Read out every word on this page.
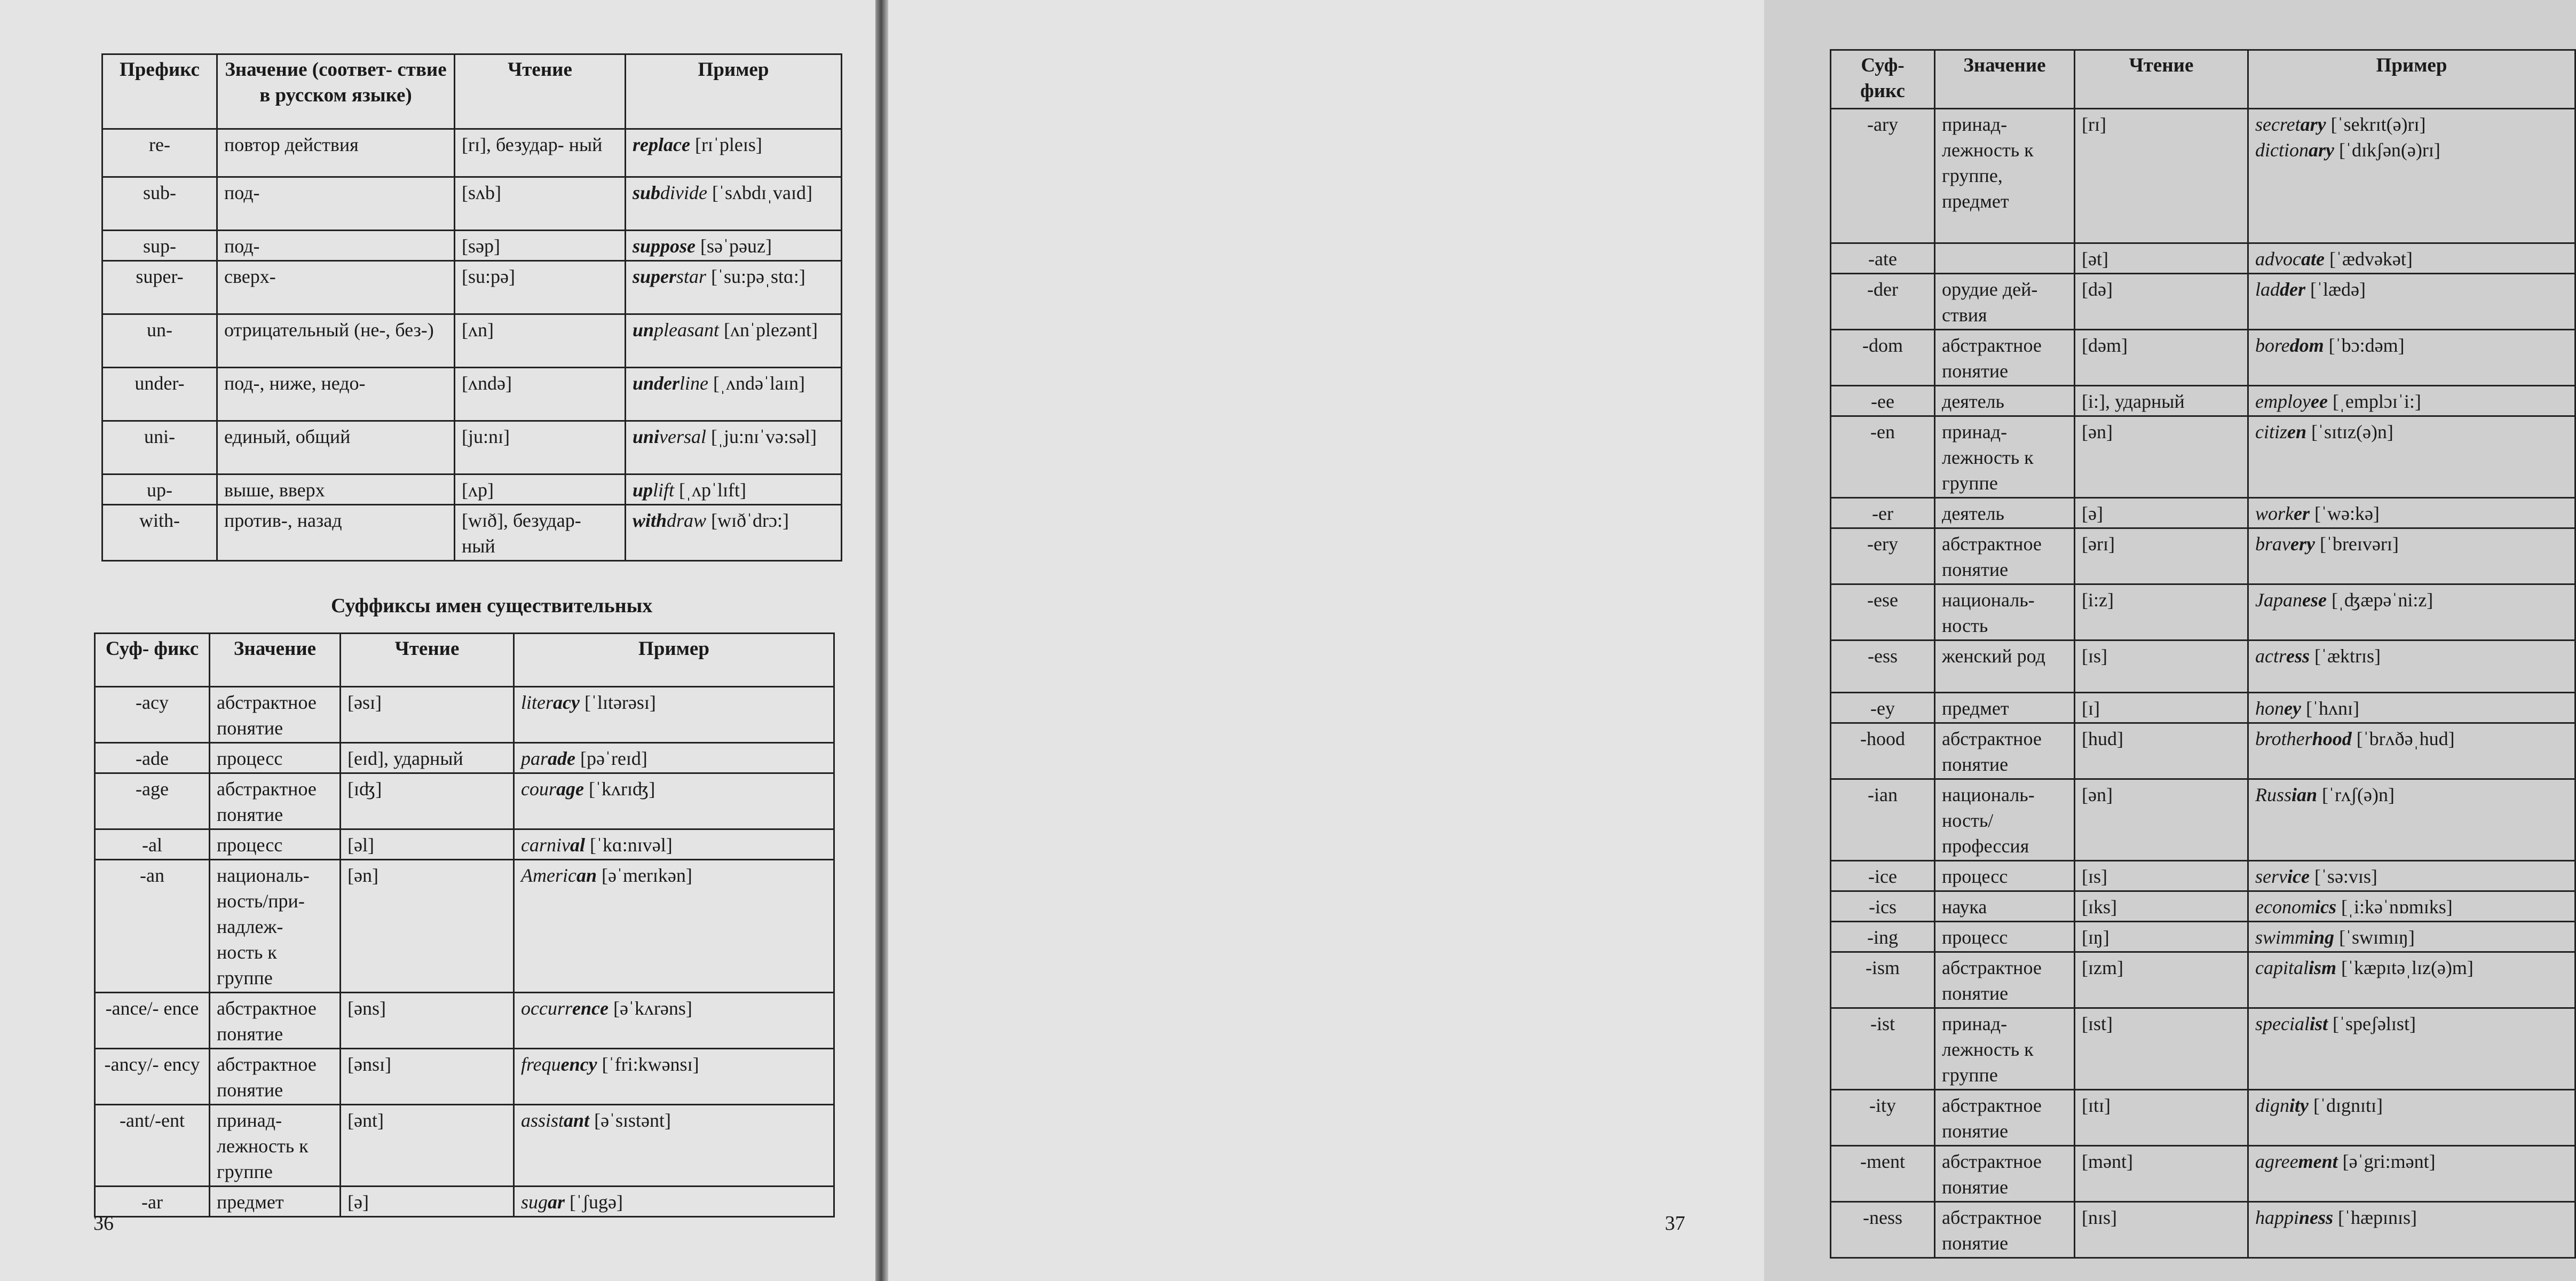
Префикс	Значение (соответ- ствие в русском языке)	Чтение	Пример
re-	повтор действия	[rɪ], безудар- ный	replace [rɪˈpleɪs]
sub-	под-	[sʌb]	subdivide [ˈsʌbdɪˌvaɪd]
sup-	под-	[səp]	suppose [səˈpəuz]
super-	сверх-	[su:pə]	superstar [ˈsu:pəˌstɑ:]
un-	отрицательный (не-, без-)	[ʌn]	unpleasant [ʌnˈplezənt]
under-	под-, ниже, недо-	[ʌndə]	underline [ˌʌndəˈlaɪn]
uni-	единый, общий	[ju:nɪ]	universal [ˌju:nɪˈvə:səl]
up-	выше, вверх	[ʌp]	uplift [ˌʌpˈlɪft]
with-	против-, назад	[wɪð], безудар- ный	withdraw [wɪðˈdrɔ:]
Суффиксы имен существительных
Суф- фикс	Значение	Чтение	Пример
-acy	абстрактное понятие	[əsɪ]	literacy [ˈlɪtərəsɪ]
-ade	процесс	[eɪd], ударный	parade [pəˈreɪd]
-age	абстрактное понятие	[ɪʤ]	courage [ˈkʌrɪʤ]
-al	процесс	[əl]	carnival [ˈkɑ:nɪvəl]
-an	националь- ность/при- надлеж- ность к группе	[ən]	American [əˈmerɪkən]
-ance/- ence	абстрактное понятие	[əns]	occurrence [əˈkʌrəns]
-ancy/- ency	абстрактное понятие	[ənsɪ]	frequency [ˈfri:kwənsɪ]
-ant/-ent	принад- лежность к группе	[ənt]	assistant [əˈsɪstənt]
-ar	предмет	[ə]	sugar [ˈʃugə]
36
Суф- фикс	Значение	Чтение	Пример
-ary	принад- лежность к группе, предмет	[rɪ]	secretary [ˈsekrɪt(ə)rɪ]
dictionary [ˈdɪkʃən(ə)rɪ]
-ate		[ət]	advocate [ˈædvəkət]
-der	орудие дей- ствия	[də]	ladder [ˈlædə]
-dom	абстрактное понятие	[dəm]	boredom [ˈbɔ:dəm]
-ee	деятель	[i:], ударный	employee [ˌemplɔɪˈi:]
-en	принад- лежность к группе	[ən]	citizen [ˈsɪtɪz(ə)n]
-er	деятель	[ə]	worker [ˈwə:kə]
-ery	абстрактное понятие	[ərɪ]	bravery [ˈbreɪvərɪ]
-ese	националь- ность	[i:z]	Japanese [ˌʤæpəˈni:z]
-ess	женский род	[ɪs]	actress [ˈæktrɪs]
-ey	предмет	[ɪ]	honey [ˈhʌnɪ]
-hood	абстрактное понятие	[hud]	brotherhood [ˈbrʌðəˌhud]
-ian	националь- ность/ профессия	[ən]	Russian [ˈrʌʃ(ə)n]
-ice	процесс	[ɪs]	service [ˈsə:vɪs]
-ics	наука	[ɪks]	economics [ˌi:kəˈnɒmɪks]
-ing	процесс	[ɪŋ]	swimming [ˈswɪmɪŋ]
-ism	абстрактное понятие	[ɪzm]	capitalism [ˈkæpɪtəˌlɪz(ə)m]
-ist	принад- лежность к группе	[ɪst]	specialist [ˈspeʃəlɪst]
-ity	абстрактное понятие	[ɪtɪ]	dignity [ˈdɪgnɪtɪ]
-ment	абстрактное понятие	[mənt]	agreement [əˈgri:mənt]
-ness	абстрактное понятие	[nɪs]	happiness [ˈhæpɪnɪs]
37
